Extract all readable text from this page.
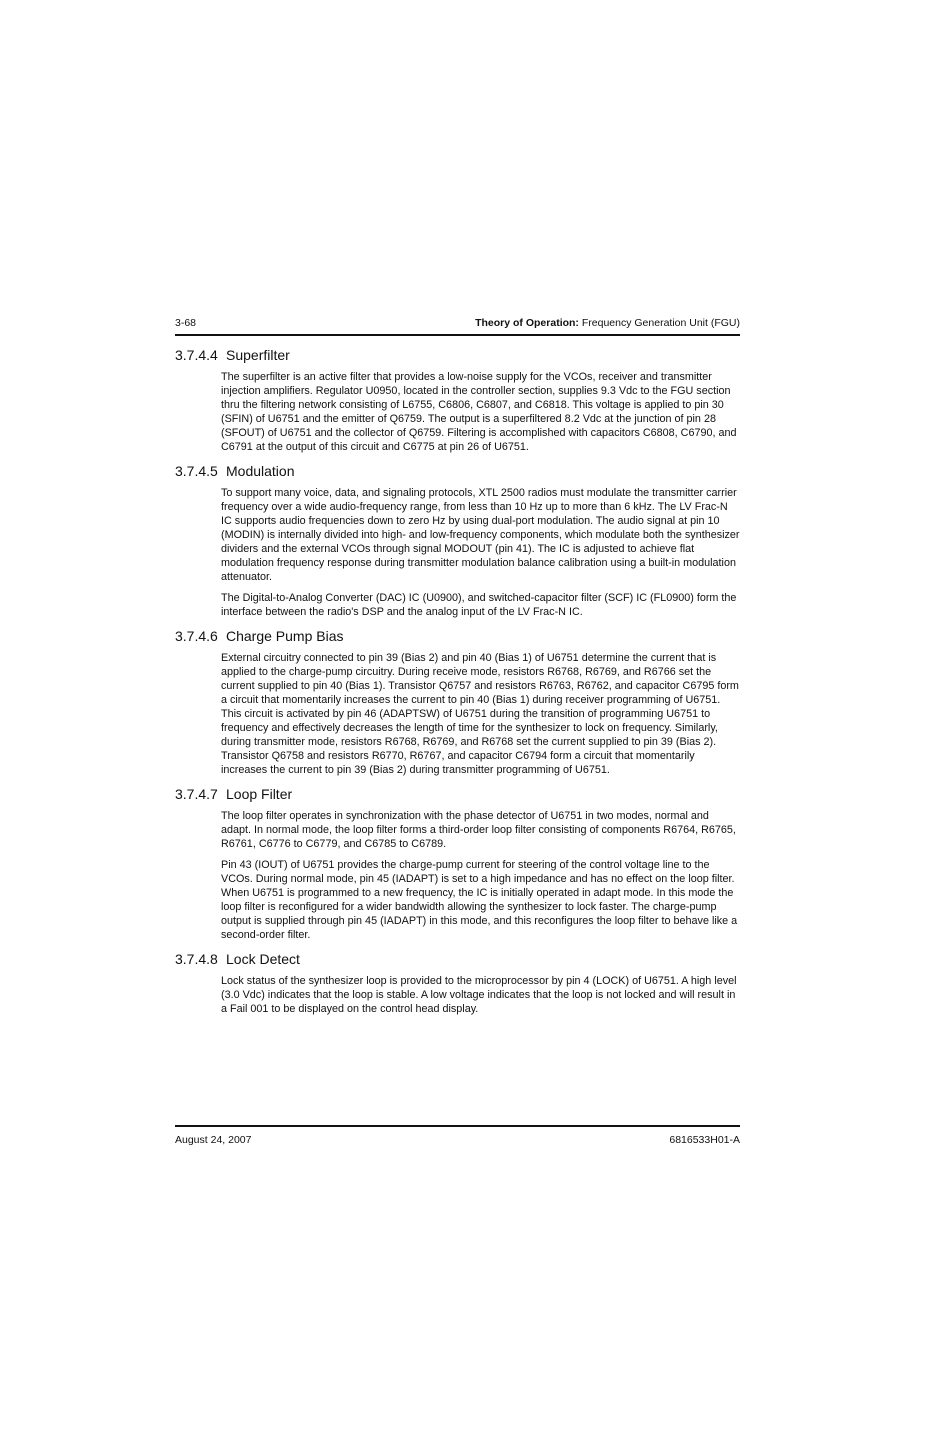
3-68	Theory of Operation: Frequency Generation Unit (FGU)
3.7.4.4 Superfilter

The superfilter is an active filter that provides a low-noise supply for the VCOs, receiver and transmitter injection amplifiers. Regulator U0950, located in the controller section, supplies 9.3 Vdc to the FGU section thru the filtering network consisting of L6755, C6806, C6807, and C6818. This voltage is applied to pin 30 (SFIN) of U6751 and the emitter of Q6759. The output is a superfiltered 8.2 Vdc at the junction of pin 28 (SFOUT) of U6751 and the collector of Q6759. Filtering is accomplished with capacitors C6808, C6790, and C6791 at the output of this circuit and C6775 at pin 26 of U6751.

3.7.4.5 Modulation

To support many voice, data, and signaling protocols, XTL 2500 radios must modulate the transmitter carrier frequency over a wide audio-frequency range, from less than 10 Hz up to more than 6 kHz. The LV Frac-N IC supports audio frequencies down to zero Hz by using dual-port modulation. The audio signal at pin 10 (MODIN) is internally divided into high- and low-frequency components, which modulate both the synthesizer dividers and the external VCOs through signal MODOUT (pin 41). The IC is adjusted to achieve flat modulation frequency response during transmitter modulation balance calibration using a built-in modulation attenuator.

The Digital-to-Analog Converter (DAC) IC (U0900), and switched-capacitor filter (SCF) IC (FL0900) form the interface between the radio's DSP and the analog input of the LV Frac-N IC.

3.7.4.6 Charge Pump Bias

External circuitry connected to pin 39 (Bias 2) and pin 40 (Bias 1) of U6751 determine the current that is applied to the charge-pump circuitry. During receive mode, resistors R6768, R6769, and R6766 set the current supplied to pin 40 (Bias 1). Transistor Q6757 and resistors R6763, R6762, and capacitor C6795 form a circuit that momentarily increases the current to pin 40 (Bias 1) during receiver programming of U6751. This circuit is activated by pin 46 (ADAPTSW) of U6751 during the transition of programming U6751 to frequency and effectively decreases the length of time for the synthesizer to lock on frequency. Similarly, during transmitter mode, resistors R6768, R6769, and R6768 set the current supplied to pin 39 (Bias 2). Transistor Q6758 and resistors R6770, R6767, and capacitor C6794 form a circuit that momentarily increases the current to pin 39 (Bias 2) during transmitter programming of U6751.

3.7.4.7 Loop Filter

The loop filter operates in synchronization with the phase detector of U6751 in two modes, normal and adapt. In normal mode, the loop filter forms a third-order loop filter consisting of components R6764, R6765, R6761, C6776 to C6779, and C6785 to C6789.

Pin 43 (IOUT) of U6751 provides the charge-pump current for steering of the control voltage line to the VCOs. During normal mode, pin 45 (IADAPT) is set to a high impedance and has no effect on the loop filter. When U6751 is programmed to a new frequency, the IC is initially operated in adapt mode. In this mode the loop filter is reconfigured for a wider bandwidth allowing the synthesizer to lock faster. The charge-pump output is supplied through pin 45 (IADAPT) in this mode, and this reconfigures the loop filter to behave like a second-order filter.

3.7.4.8 Lock Detect

Lock status of the synthesizer loop is provided to the microprocessor by pin 4 (LOCK) of U6751. A high level (3.0 Vdc) indicates that the loop is stable. A low voltage indicates that the loop is not locked and will result in a Fail 001 to be displayed on the control head display.

August 24, 2007	6816533H01-A
